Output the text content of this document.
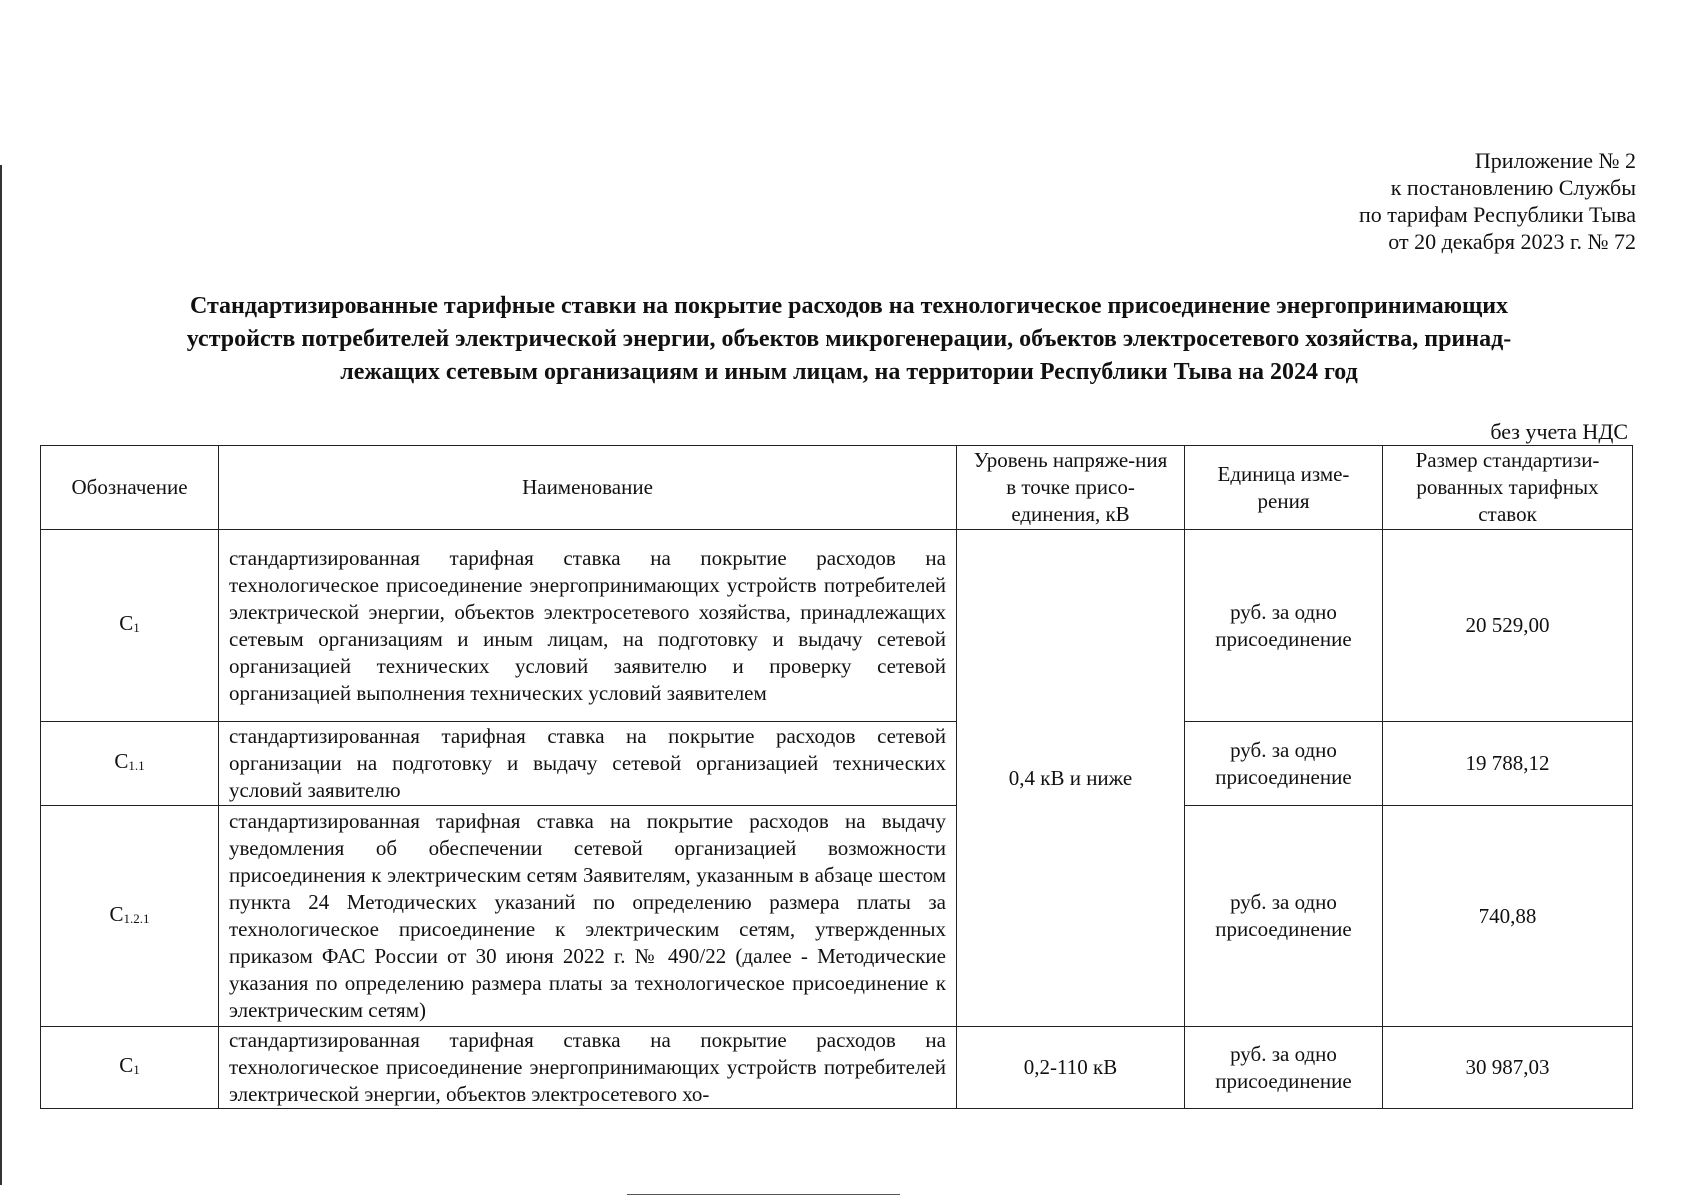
Приложение № 2
к постановлению Службы
по тарифам Республики Тыва
от 20 декабря 2023 г. № 72
Стандартизированные тарифные ставки на покрытие расходов на технологическое присоединение энергопринимающих
устройств потребителей электрической энергии, объектов микрогенерации, объектов электросетевого хозяйства, принад-
лежащих сетевым организациям и иным лицам, на территории Республики Тыва на 2024 год
без учета НДС
Обозначение	Наименование	Уровень напряже-ния в точке присо-единения, кВ	Единица изме-рения	Размер стандартизи-рованных тарифных ставок
$С_1$	стандартизированная тарифная ставка на покрытие расходов на технологическое присоединение энергопринимающих устройств потребителей электрической энергии, объектов электросетевого хозяйства, принадлежащих сетевым организациям и иным лицам, на подготовку и выдачу сетевой организацией технических условий заявителю и проверку сетевой организацией выполнения технических условий заявителем	0,4 кВ и ниже	руб. за одно присоединение	20 529,00
$С_{1.1}$	стандартизированная тарифная ставка на покрытие расходов сетевой организации на подготовку и выдачу сетевой организацией технических условий заявителю		руб. за одно присоединение	19 788,12
$С_{1.2.1}$	стандартизированная тарифная ставка на покрытие расходов на выдачу уведомления об обеспечении сетевой организацией возможности присоединения к электрическим сетям Заявителям, указанным в абзаце шестом пункта 24 Методических указаний по определению размера платы за технологическое присоединение к электрическим сетям, утвержденных приказом ФАС России от 30 июня 2022 г. № 490/22 (далее - Методические указания по определению размера платы за технологическое присоединение к электрическим сетям)		руб. за одно присоединение	740,88
$С_1$	стандартизированная тарифная ставка на покрытие расходов на технологическое присоединение энергопринимающих устройств потребителей электрической энергии, объектов электросетевого хо-	0,2-110 кВ	руб. за одно присоединение	30 987,03
